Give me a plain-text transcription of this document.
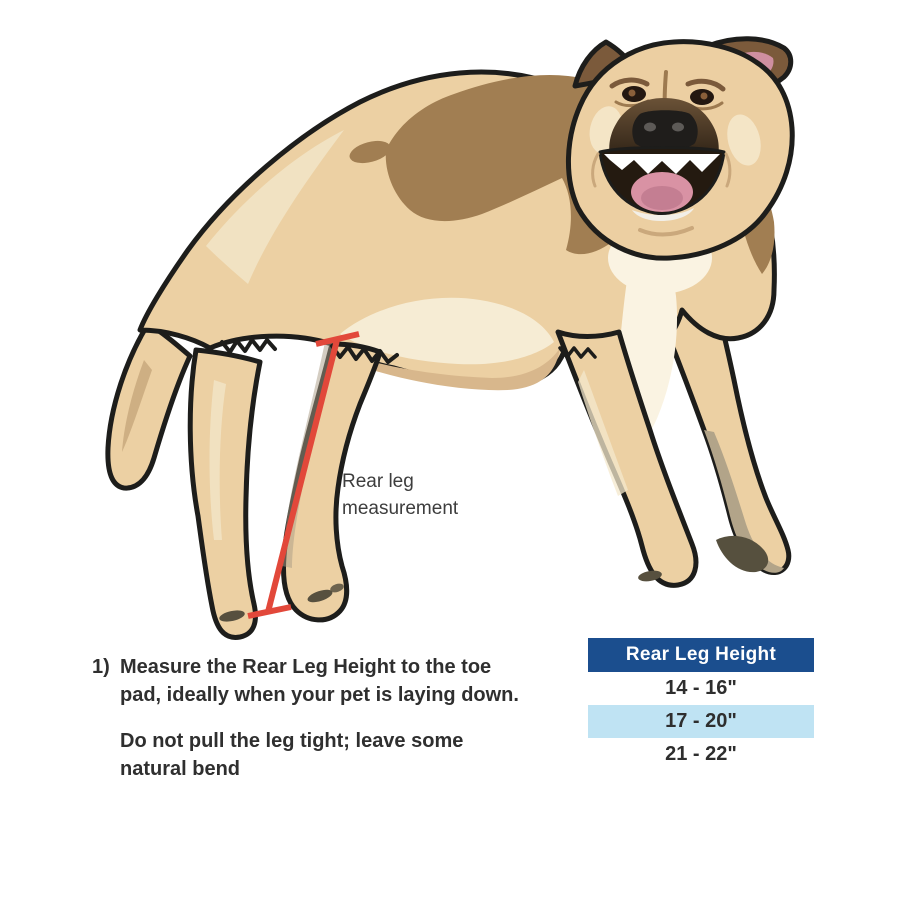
Rear leg
measurement
1) Measure the Rear Leg Height to the toe
pad, ideally when your pet is laying down.
Do not pull the leg tight; leave some
natural bend
Rear Leg Height
14 - 16"
17 - 20"
21 - 22"
